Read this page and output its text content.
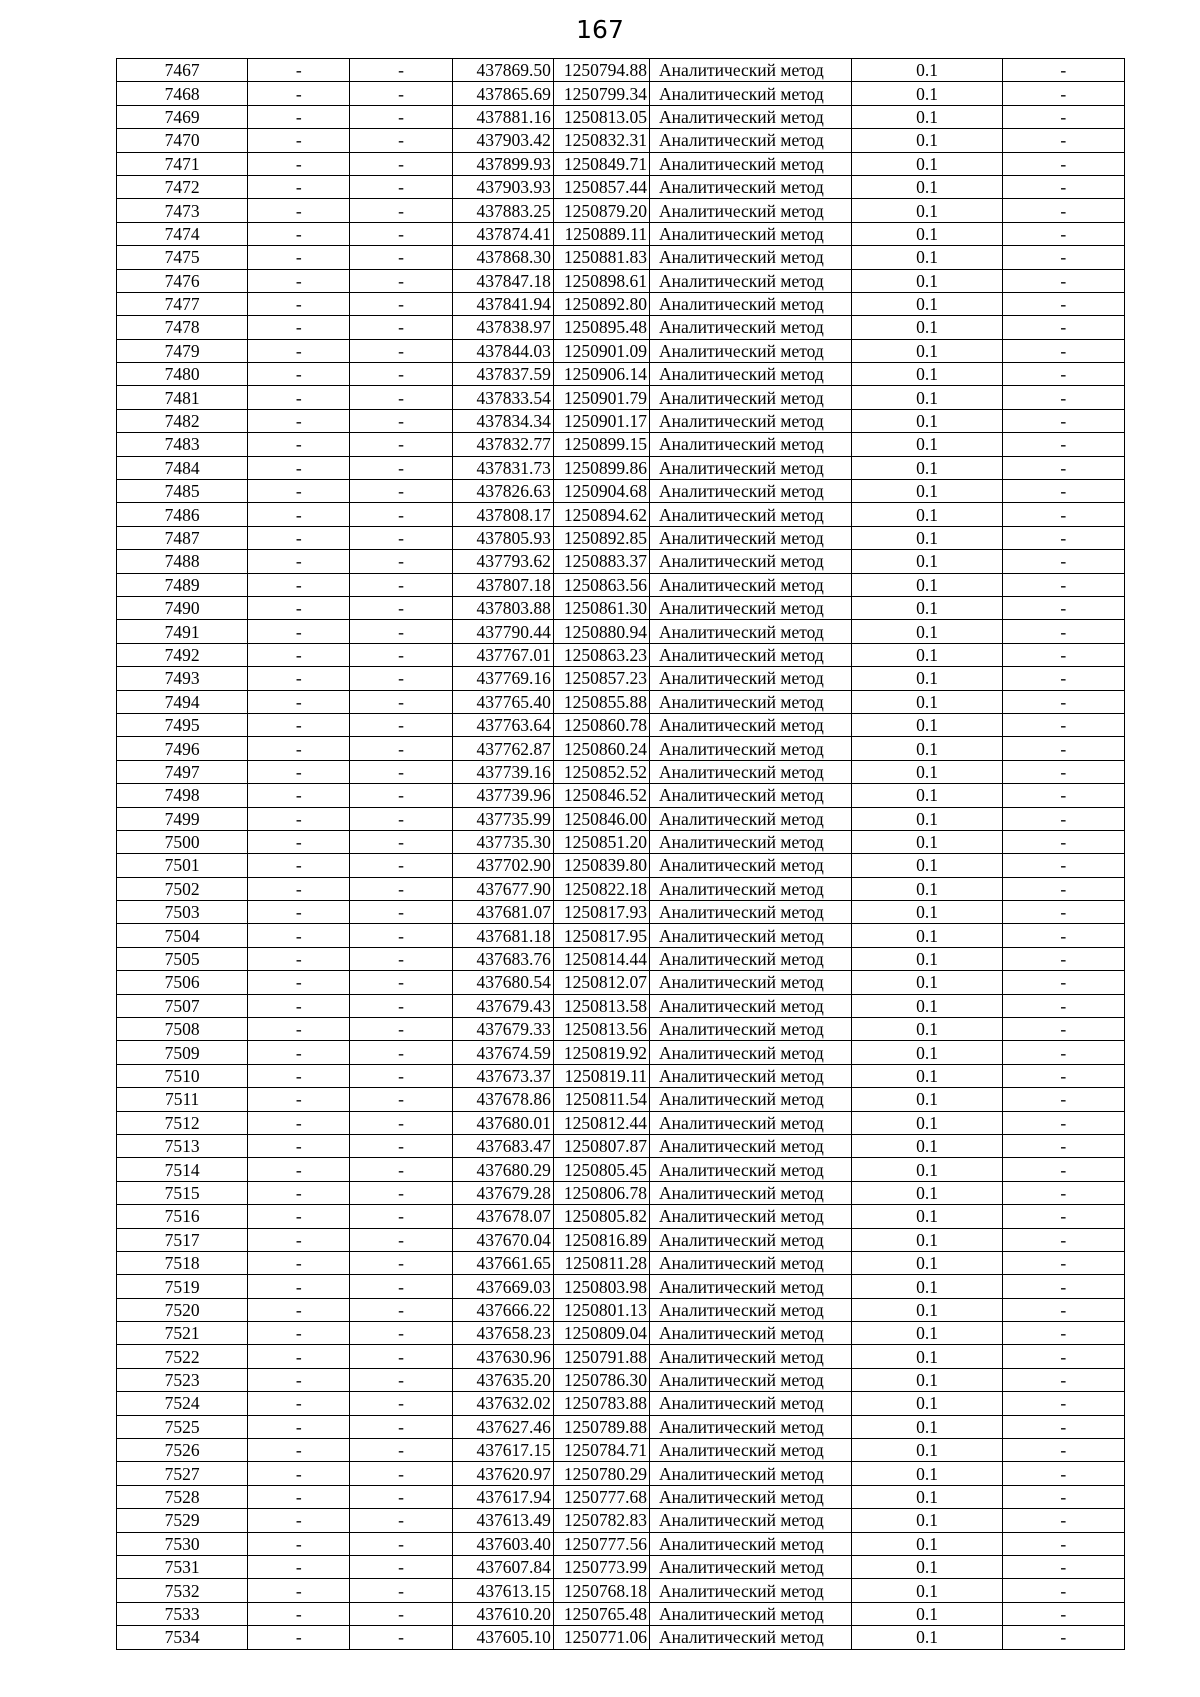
167
7467	-	-	437869.50	1250794.88	Аналитический метод	0.1	-
7468	-	-	437865.69	1250799.34	Аналитический метод	0.1	-
7469	-	-	437881.16	1250813.05	Аналитический метод	0.1	-
7470	-	-	437903.42	1250832.31	Аналитический метод	0.1	-
7471	-	-	437899.93	1250849.71	Аналитический метод	0.1	-
7472	-	-	437903.93	1250857.44	Аналитический метод	0.1	-
7473	-	-	437883.25	1250879.20	Аналитический метод	0.1	-
7474	-	-	437874.41	1250889.11	Аналитический метод	0.1	-
7475	-	-	437868.30	1250881.83	Аналитический метод	0.1	-
7476	-	-	437847.18	1250898.61	Аналитический метод	0.1	-
7477	-	-	437841.94	1250892.80	Аналитический метод	0.1	-
7478	-	-	437838.97	1250895.48	Аналитический метод	0.1	-
7479	-	-	437844.03	1250901.09	Аналитический метод	0.1	-
7480	-	-	437837.59	1250906.14	Аналитический метод	0.1	-
7481	-	-	437833.54	1250901.79	Аналитический метод	0.1	-
7482	-	-	437834.34	1250901.17	Аналитический метод	0.1	-
7483	-	-	437832.77	1250899.15	Аналитический метод	0.1	-
7484	-	-	437831.73	1250899.86	Аналитический метод	0.1	-
7485	-	-	437826.63	1250904.68	Аналитический метод	0.1	-
7486	-	-	437808.17	1250894.62	Аналитический метод	0.1	-
7487	-	-	437805.93	1250892.85	Аналитический метод	0.1	-
7488	-	-	437793.62	1250883.37	Аналитический метод	0.1	-
7489	-	-	437807.18	1250863.56	Аналитический метод	0.1	-
7490	-	-	437803.88	1250861.30	Аналитический метод	0.1	-
7491	-	-	437790.44	1250880.94	Аналитический метод	0.1	-
7492	-	-	437767.01	1250863.23	Аналитический метод	0.1	-
7493	-	-	437769.16	1250857.23	Аналитический метод	0.1	-
7494	-	-	437765.40	1250855.88	Аналитический метод	0.1	-
7495	-	-	437763.64	1250860.78	Аналитический метод	0.1	-
7496	-	-	437762.87	1250860.24	Аналитический метод	0.1	-
7497	-	-	437739.16	1250852.52	Аналитический метод	0.1	-
7498	-	-	437739.96	1250846.52	Аналитический метод	0.1	-
7499	-	-	437735.99	1250846.00	Аналитический метод	0.1	-
7500	-	-	437735.30	1250851.20	Аналитический метод	0.1	-
7501	-	-	437702.90	1250839.80	Аналитический метод	0.1	-
7502	-	-	437677.90	1250822.18	Аналитический метод	0.1	-
7503	-	-	437681.07	1250817.93	Аналитический метод	0.1	-
7504	-	-	437681.18	1250817.95	Аналитический метод	0.1	-
7505	-	-	437683.76	1250814.44	Аналитический метод	0.1	-
7506	-	-	437680.54	1250812.07	Аналитический метод	0.1	-
7507	-	-	437679.43	1250813.58	Аналитический метод	0.1	-
7508	-	-	437679.33	1250813.56	Аналитический метод	0.1	-
7509	-	-	437674.59	1250819.92	Аналитический метод	0.1	-
7510	-	-	437673.37	1250819.11	Аналитический метод	0.1	-
7511	-	-	437678.86	1250811.54	Аналитический метод	0.1	-
7512	-	-	437680.01	1250812.44	Аналитический метод	0.1	-
7513	-	-	437683.47	1250807.87	Аналитический метод	0.1	-
7514	-	-	437680.29	1250805.45	Аналитический метод	0.1	-
7515	-	-	437679.28	1250806.78	Аналитический метод	0.1	-
7516	-	-	437678.07	1250805.82	Аналитический метод	0.1	-
7517	-	-	437670.04	1250816.89	Аналитический метод	0.1	-
7518	-	-	437661.65	1250811.28	Аналитический метод	0.1	-
7519	-	-	437669.03	1250803.98	Аналитический метод	0.1	-
7520	-	-	437666.22	1250801.13	Аналитический метод	0.1	-
7521	-	-	437658.23	1250809.04	Аналитический метод	0.1	-
7522	-	-	437630.96	1250791.88	Аналитический метод	0.1	-
7523	-	-	437635.20	1250786.30	Аналитический метод	0.1	-
7524	-	-	437632.02	1250783.88	Аналитический метод	0.1	-
7525	-	-	437627.46	1250789.88	Аналитический метод	0.1	-
7526	-	-	437617.15	1250784.71	Аналитический метод	0.1	-
7527	-	-	437620.97	1250780.29	Аналитический метод	0.1	-
7528	-	-	437617.94	1250777.68	Аналитический метод	0.1	-
7529	-	-	437613.49	1250782.83	Аналитический метод	0.1	-
7530	-	-	437603.40	1250777.56	Аналитический метод	0.1	-
7531	-	-	437607.84	1250773.99	Аналитический метод	0.1	-
7532	-	-	437613.15	1250768.18	Аналитический метод	0.1	-
7533	-	-	437610.20	1250765.48	Аналитический метод	0.1	-
7534	-	-	437605.10	1250771.06	Аналитический метод	0.1	-
